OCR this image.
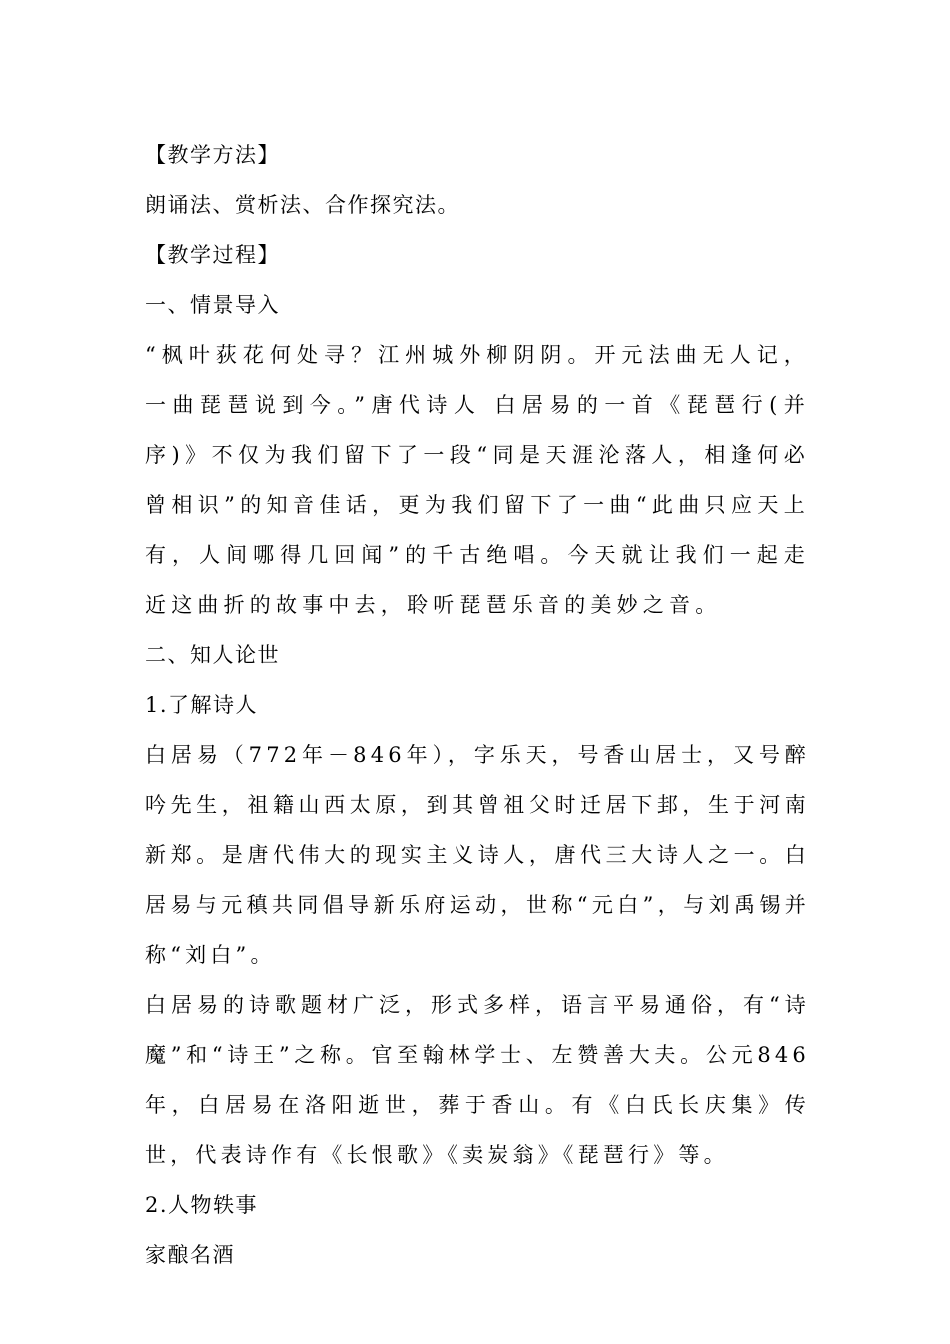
【教学方法】
朗诵法、赏析法、合作探究法。
【教学过程】
一、情景导入
“枫叶荻花何处寻？江州城外柳阴阴。开元法曲无人记，一曲琵琶说到今。”唐代诗人 白居易的一首《琵琶行(并序)》不仅为我们留下了一段“同是天涯沦落人，相逢何必曾相识”的知音佳话，更为我们留下了一曲“此曲只应天上有，人间哪得几回闻”的千古绝唱。今天就让我们一起走近这曲折的故事中去，聆听琵琶乐音的美妙之音。
二、知人论世
1.了解诗人
白居易（772年－846年），字乐天，号香山居士，又号醉吟先生，祖籍山西太原，到其曾祖父时迁居下邽，生于河南新郑。是唐代伟大的现实主义诗人，唐代三大诗人之一。白居易与元稹共同倡导新乐府运动，世称“元白”，与刘禹锡并称“刘白”。
白居易的诗歌题材广泛，形式多样，语言平易通俗，有“诗魔”和“诗王”之称。官至翰林学士、左赞善大夫。公元846年，白居易在洛阳逝世，葬于香山。有《白氏长庆集》传世，代表诗作有《长恨歌》《卖炭翁》《琵琶行》等。
2.人物轶事
家酿名酒
